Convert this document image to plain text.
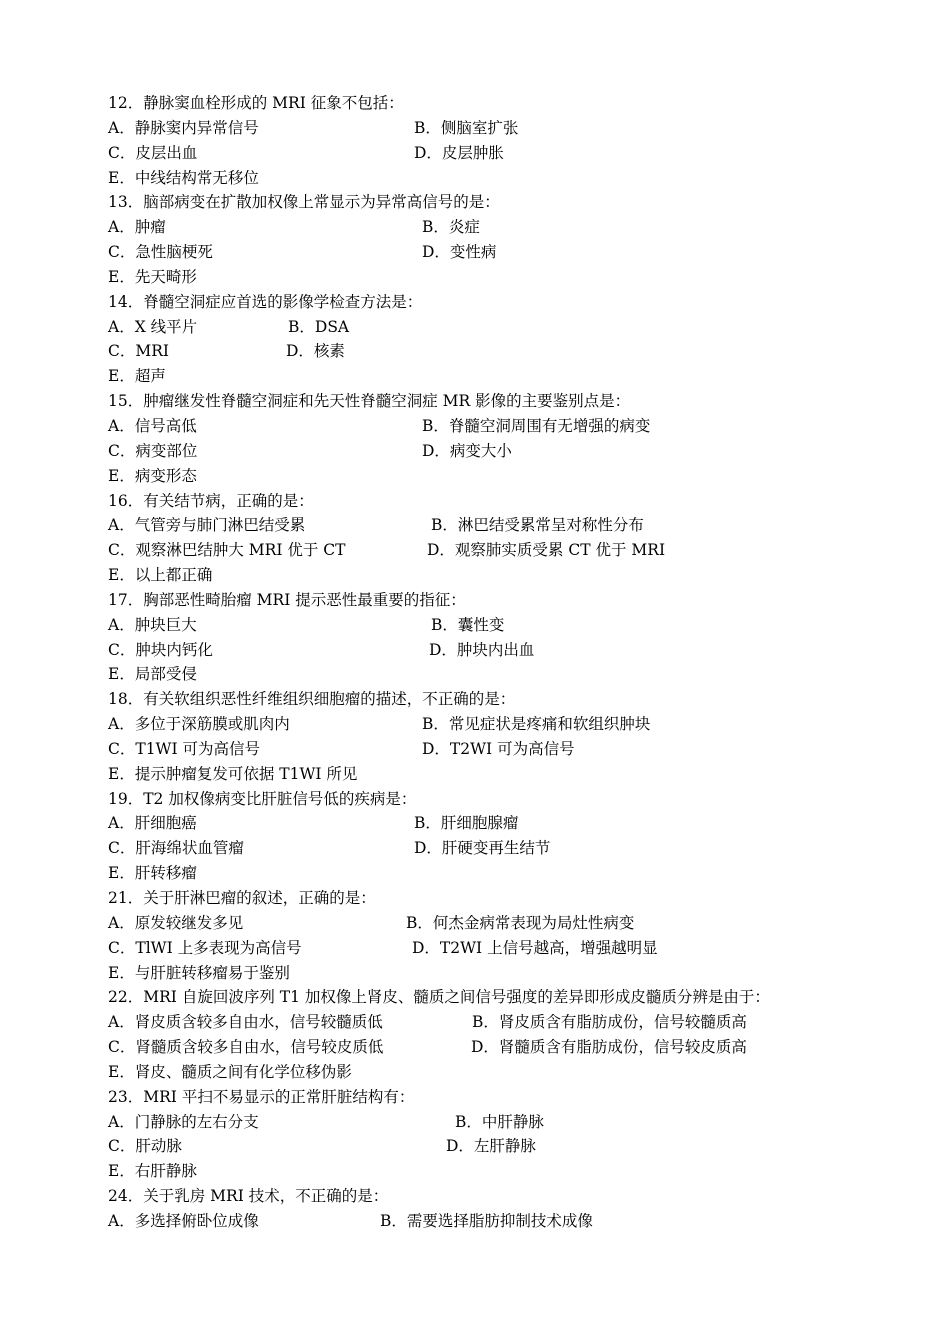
12．静脉窦血栓形成的 MRI 征象不包括：
A．静脉窦内异常信号	B．侧脑室扩张
C．皮层出血	D．皮层肿胀
E．中线结构常无移位
13．脑部病变在扩散加权像上常显示为异常高信号的是：
A．肿瘤	B．炎症
C．急性脑梗死	D．变性病
E．先天畸形
14．脊髓空洞症应首选的影像学检查方法是：
A．X 线平片	B．DSA
C．MRI	D．核素
E．超声
15．肿瘤继发性脊髓空洞症和先天性脊髓空洞症 MR 影像的主要鉴别点是：
A．信号高低	B．脊髓空洞周围有无增强的病变
C．病变部位	D．病变大小
E．病变形态
16．有关结节病，正确的是：
A．气管旁与肺门淋巴结受累	B．淋巴结受累常呈对称性分布
C．观察淋巴结肿大 MRI 优于 CT	D．观察肺实质受累 CT 优于 MRI
E．以上都正确
17．胸部恶性畸胎瘤 MRI 提示恶性最重要的指征：
A．肿块巨大	B．囊性变
C．肿块内钙化	D．肿块内出血
E．局部受侵
18．有关软组织恶性纤维组织细胞瘤的描述，不正确的是：
A．多位于深筋膜或肌肉内	B．常见症状是疼痛和软组织肿块
C．T1WI 可为高信号	D．T2WI 可为高信号
E．提示肿瘤复发可依据 T1WI 所见
19．T2 加权像病变比肝脏信号低的疾病是：
A．肝细胞癌	B．肝细胞腺瘤
C．肝海绵状血管瘤	D．肝硬变再生结节
E．肝转移瘤
21．关于肝淋巴瘤的叙述，正确的是：
A．原发较继发多见	B．何杰金病常表现为局灶性病变
C．TlWI 上多表现为高信号	D．T2WI 上信号越高，增强越明显
E．与肝脏转移瘤易于鉴别
22．MRI 自旋回波序列 T1 加权像上肾皮、髓质之间信号强度的差异即形成皮髓质分辨是由于：
A．肾皮质含较多自由水，信号较髓质低	B．肾皮质含有脂肪成份，信号较髓质高
C．肾髓质含较多自由水，信号较皮质低	D．肾髓质含有脂肪成份，信号较皮质高
E．肾皮、髓质之间有化学位移伪影
23．MRI 平扫不易显示的正常肝脏结构有：
A．门静脉的左右分支	B．中肝静脉
C．肝动脉	D．左肝静脉
E．右肝静脉
24．关于乳房 MRI 技术，不正确的是：
A．多选择俯卧位成像	B．需要选择脂肪抑制技术成像
